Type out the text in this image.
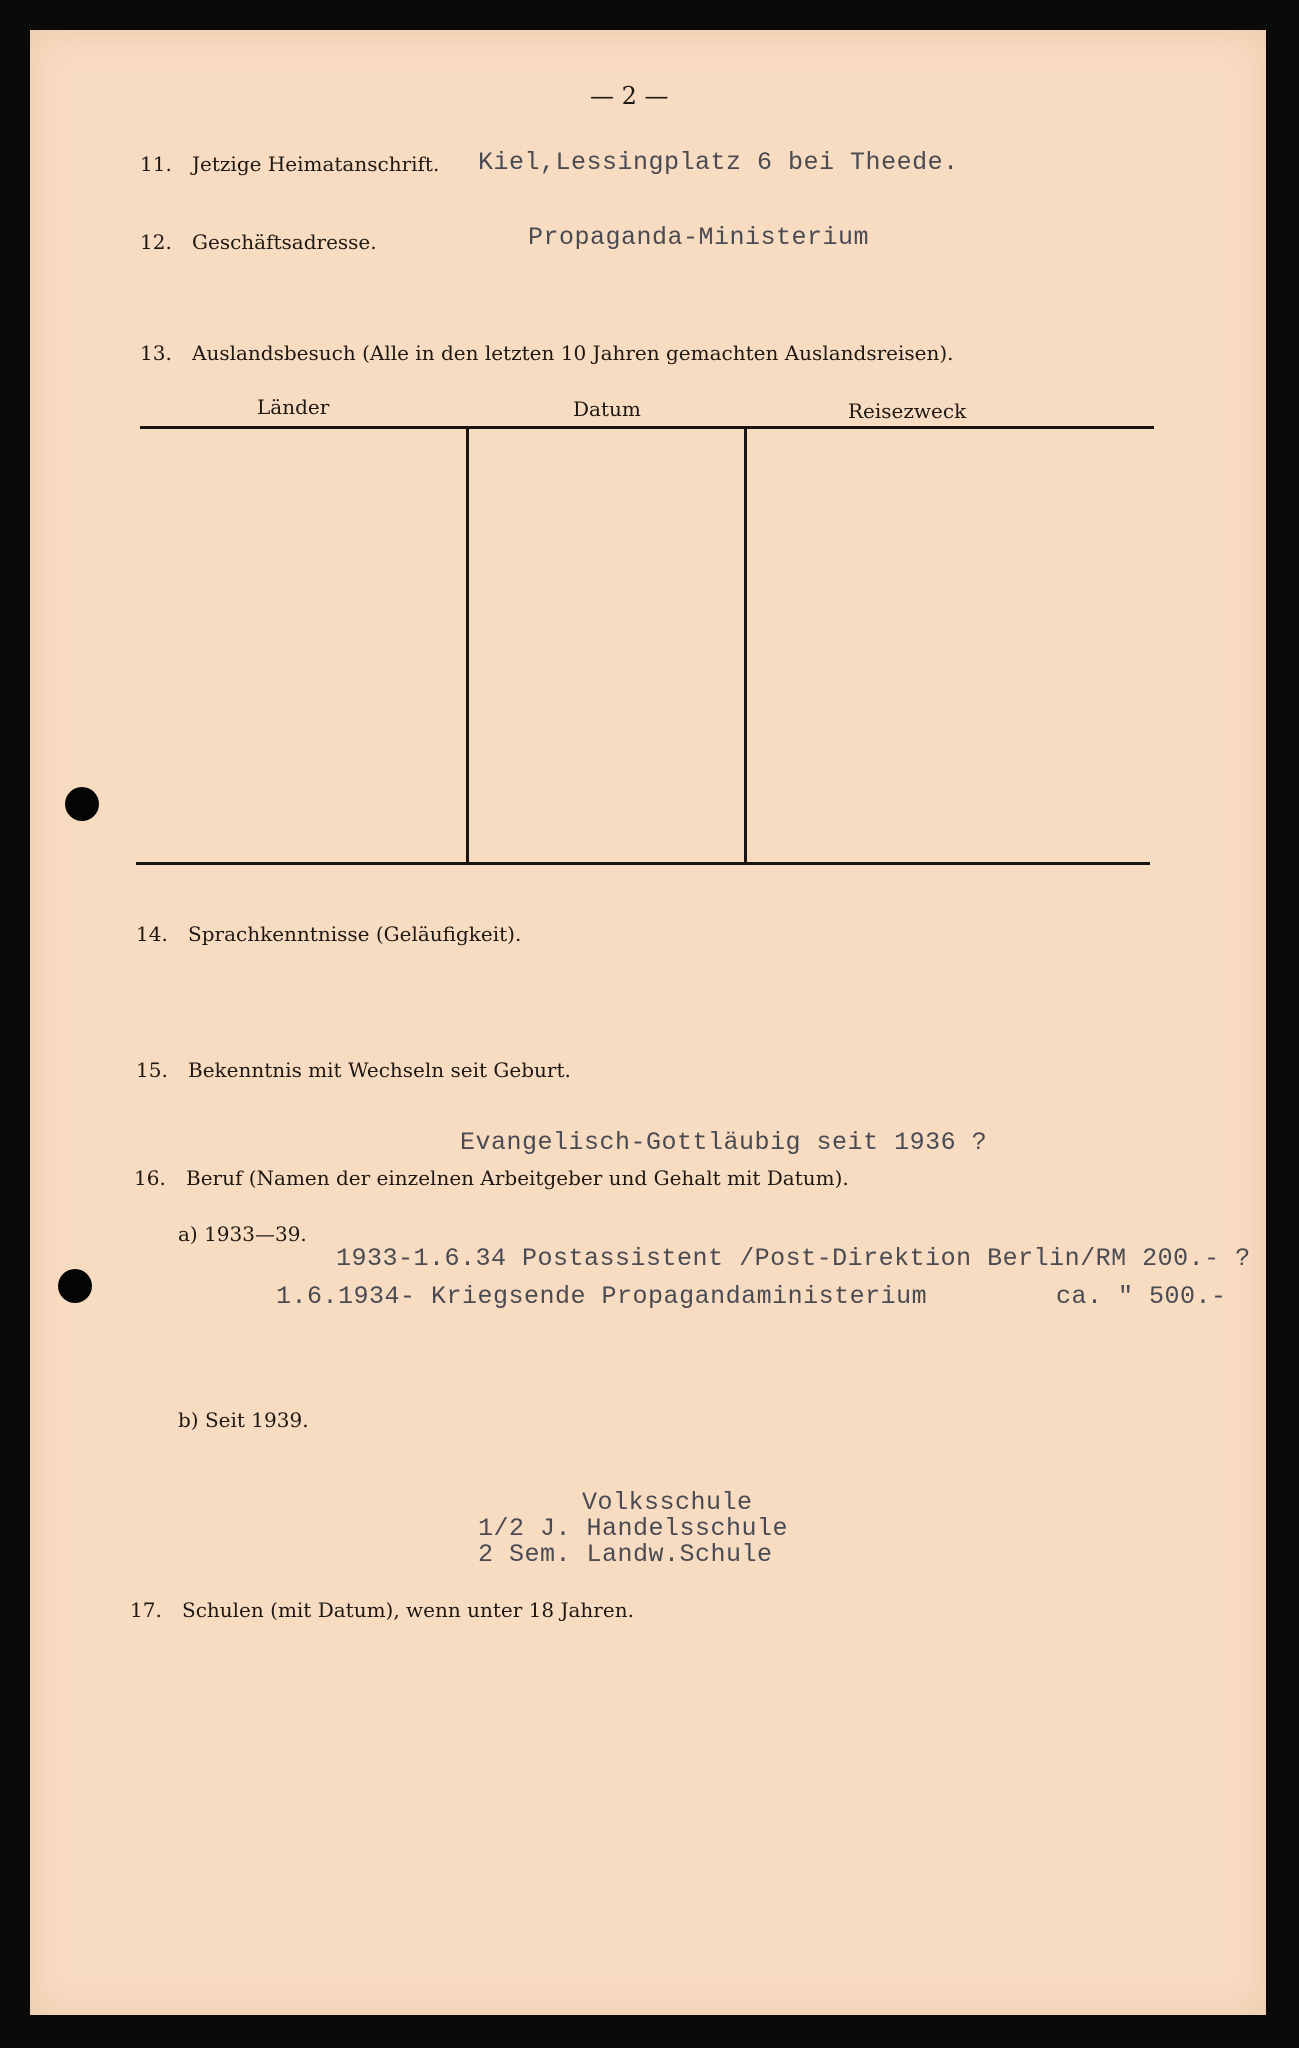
— 2 —
11. Jetzige Heimatanschrift. Kiel,Lessingplatz 6 bei Theede.
12. Geschäftsadresse.	Propaganda-Ministerium
13. Auslandsbesuch (Alle in den letzten 10 Jahren gemachten Auslandsreisen).
Länder	Datum	Reisezweck
14. Sprachkenntnisse (Geläufigkeit).
15. Bekenntnis mit Wechseln seit Geburt.
Evangelisch-Gottläubig seit 1936 ?
16. Beruf (Namen der einzelnen Arbeitgeber und Gehalt mit Datum).
a) 1933—39.
1933-1.6.34 Postassistent /Post-Direktion Berlin/RM 200.- ?
1.6.1934- Kriegsende Propagandaministerium	ca. " 500.-
b) Seit 1939.
Volksschule
1/2 J. Handelsschule
2 Sem. Landw.Schule
17. Schulen (mit Datum), wenn unter 18 Jahren.
